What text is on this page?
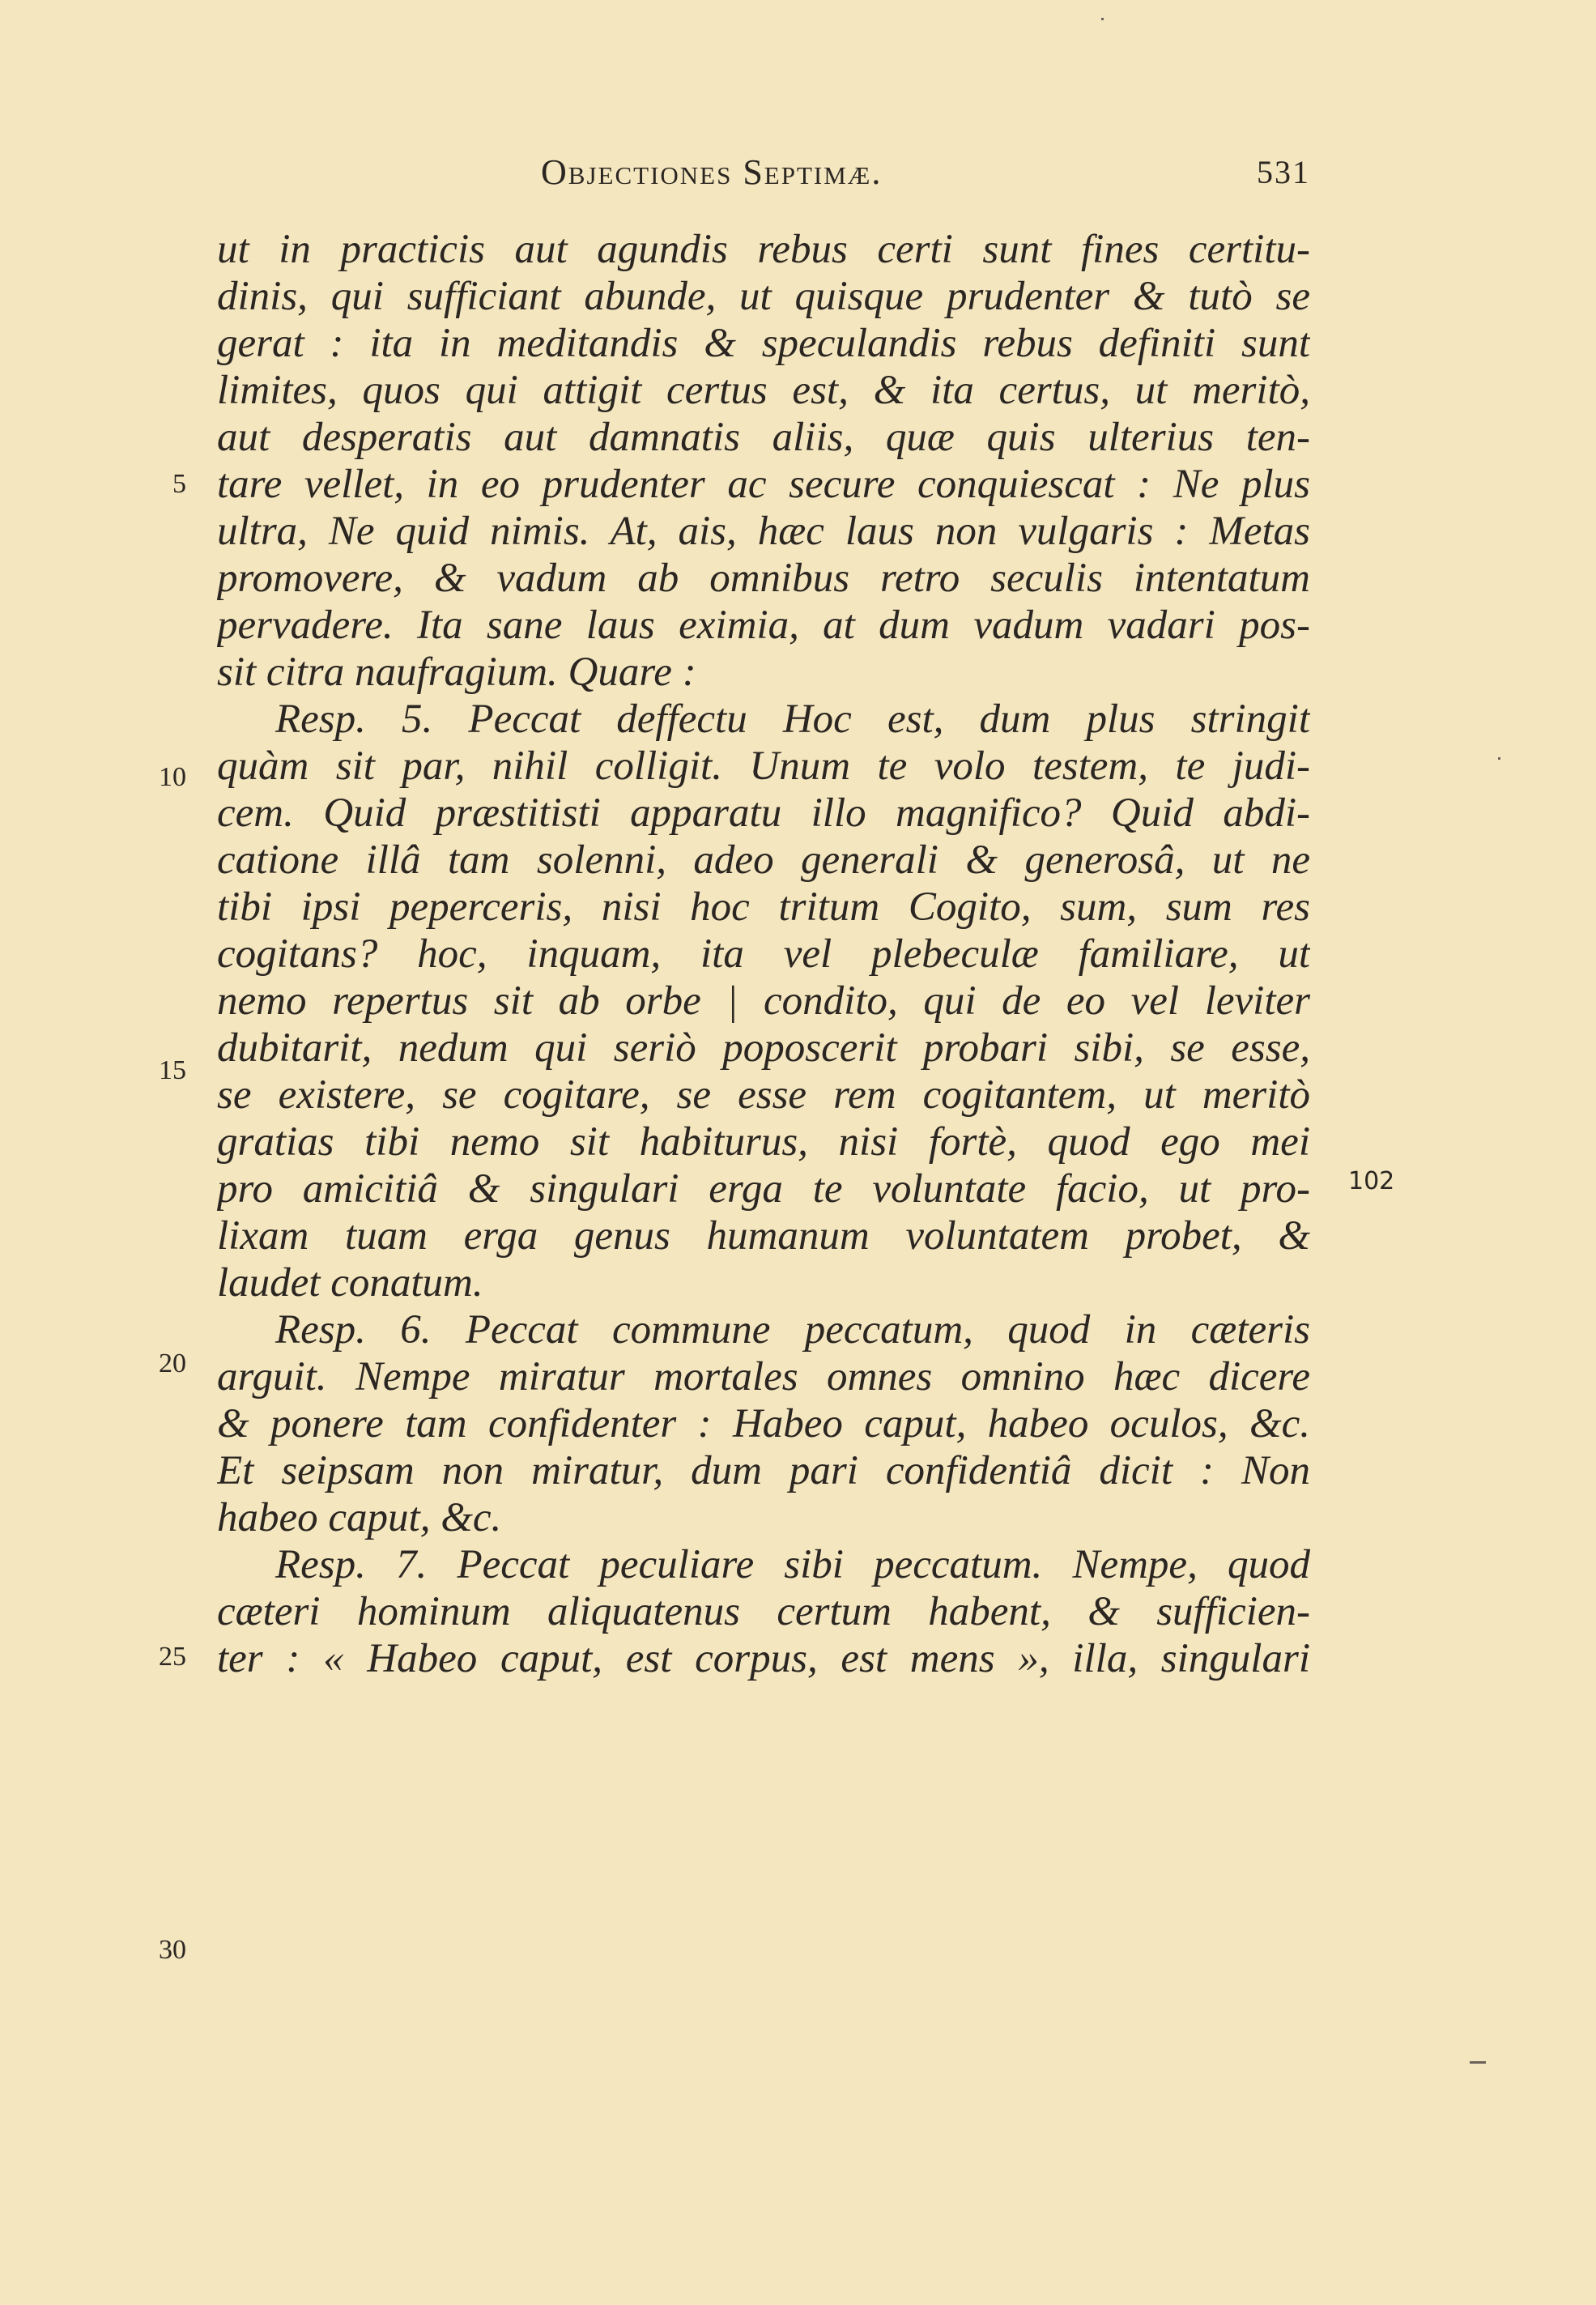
Objectiones Septimæ.	531
5
10
15
20
25
30
102
ut in practicis aut agundis rebus certi sunt fines certitu-
dinis, qui sufficiant abunde, ut quisque prudenter & tutò se
gerat : ita in meditandis & speculandis rebus definiti sunt
limites, quos qui attigit certus est, & ita certus, ut meritò,
aut desperatis aut damnatis aliis, quæ quis ulterius ten-
tare vellet, in eo prudenter ac secure conquiescat : Ne plus
ultra, Ne quid nimis. At, ais, hæc laus non vulgaris : Metas
promovere, & vadum ab omnibus retro seculis intentatum
pervadere. Ita sane laus eximia, at dum vadum vadari pos-
sit citra naufragium. Quare :
Resp. 5. Peccat deffectu Hoc est, dum plus stringit
quàm sit par, nihil colligit. Unum te volo testem, te judi-
cem. Quid præstitisti apparatu illo magnifico? Quid abdi-
catione illâ tam solenni, adeo generali & generosâ, ut ne
tibi ipsi peperceris, nisi hoc tritum Cogito, sum, sum res
cogitans? hoc, inquam, ita vel plebeculæ familiare, ut
nemo repertus sit ab orbe | condito, qui de eo vel leviter
dubitarit, nedum qui seriò poposcerit probari sibi, se esse,
se existere, se cogitare, se esse rem cogitantem, ut meritò
gratias tibi nemo sit habiturus, nisi fortè, quod ego mei
pro amicitiâ & singulari erga te voluntate facio, ut pro-
lixam tuam erga genus humanum voluntatem probet, &
laudet conatum.
Resp. 6. Peccat commune peccatum, quod in cæteris
arguit. Nempe miratur mortales omnes omnino hæc dicere
& ponere tam confidenter : Habeo caput, habeo oculos, &c.
Et seipsam non miratur, dum pari confidentiâ dicit : Non
habeo caput, &c.
Resp. 7. Peccat peculiare sibi peccatum. Nempe, quod
cæteri hominum aliquatenus certum habent, & sufficien-
ter : « Habeo caput, est corpus, est mens », illa, singulari
